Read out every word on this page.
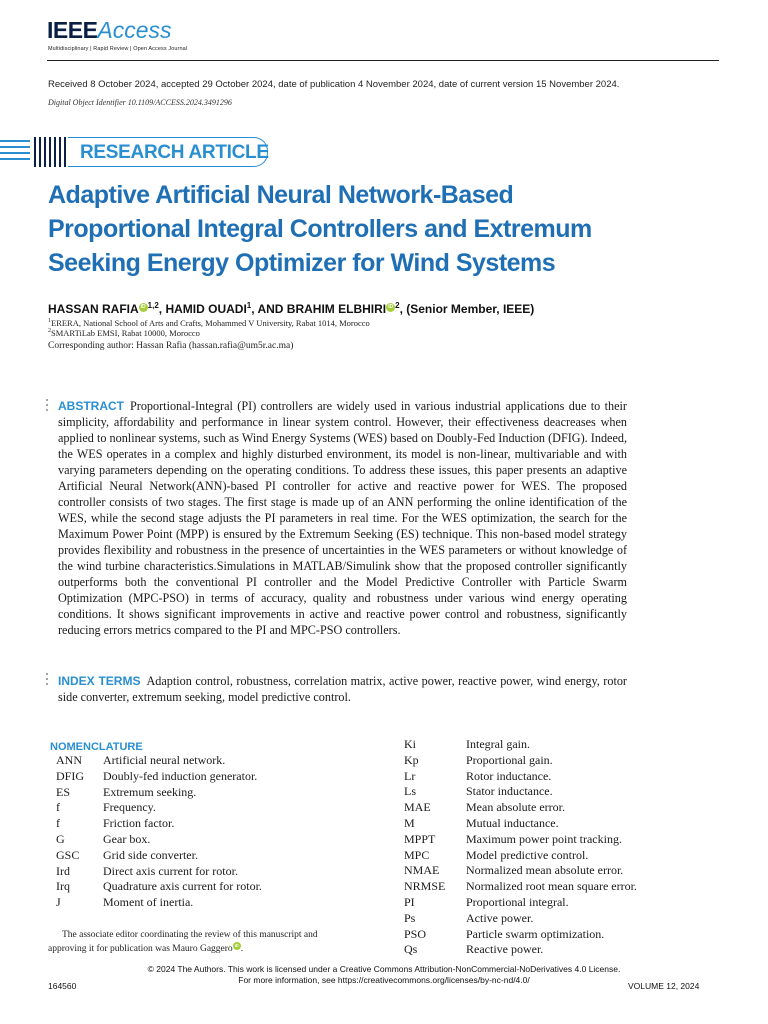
IEEEAccess
Multidisciplinary | Rapid Review | Open Access Journal
Received 8 October 2024, accepted 29 October 2024, date of publication 4 November 2024, date of current version 15 November 2024.
Digital Object Identifier 10.1109/ACCESS.2024.3491296
RESEARCH ARTICLE
Adaptive Artificial Neural Network-Based
Proportional Integral Controllers and Extremum
Seeking Energy Optimizer for Wind Systems
HASSAN RAFIA iD $^{1,2}$, HAMID OUADI$^1$, AND BRAHIM ELBHIRI iD $^2$, (Senior Member, IEEE)
$^1$ERERA, National School of Arts and Crafts, Mohammed V University, Rabat 1014, Morocco
$^2$SMARTiLab EMSI, Rabat 10000, Morocco
Corresponding author: Hassan Rafia (hassan.rafia@um5r.ac.ma)
ABSTRACT Proportional-Integral (PI) controllers are widely used in various industrial applications due to their simplicity, affordability and performance in linear system control. However, their effectiveness deacreases when applied to nonlinear systems, such as Wind Energy Systems (WES) based on Doubly-Fed Induction (DFIG). Indeed, the WES operates in a complex and highly disturbed environment, its model is non-linear, multivariable and with varying parameters depending on the operating conditions. To address these issues, this paper presents an adaptive Artificial Neural Network(ANN)-based PI controller for active and reactive power for WES. The proposed controller consists of two stages. The first stage is made up of an ANN performing the online identification of the WES, while the second stage adjusts the PI parameters in real time. For the WES optimization, the search for the Maximum Power Point (MPP) is ensured by the Extremum Seeking (ES) technique. This non-based model strategy provides flexibility and robustness in the presence of uncertainties in the WES parameters or without knowledge of the wind turbine characteristics.Simulations in MATLAB/Simulink show that the proposed controller significantly outperforms both the conventional PI controller and the Model Predictive Controller with Particle Swarm Optimization (MPC-PSO) in terms of accuracy, quality and robustness under various wind energy operating conditions. It shows significant improvements in active and reactive power control and robustness, significantly reducing errors metrics compared to the PI and MPC-PSO controllers.
INDEX TERMS Adaption control, robustness, correlation matrix, active power, reactive power, wind energy, rotor side converter, extremum seeking, model predictive control.
NOMENCLATURE
ANN	Artificial neural network.
DFIG	Doubly-fed induction generator.
ES	Extremum seeking.
f	Frequency.
f	Friction factor.
G	Gear box.
GSC	Grid side converter.
Ird	Direct axis current for rotor.
Irq	Quadrature axis current for rotor.
J	Moment of inertia.
Ki	Integral gain.
Kp	Proportional gain.
Lr	Rotor inductance.
Ls	Stator inductance.
MAE	Mean absolute error.
M	Mutual inductance.
MPPT	Maximum power point tracking.
MPC	Model predictive control.
NMAE	Normalized mean absolute error.
NRMSE	Normalized root mean square error.
PI	Proportional integral.
Ps	Active power.
PSO	Particle swarm optimization.
Qs	Reactive power.
The associate editor coordinating the review of this manuscript and
approving it for publication was Mauro Gaggero iD .
© 2024 The Authors. This work is licensed under a Creative Commons Attribution-NonCommercial-NoDerivatives 4.0 License.
For more information, see https://creativecommons.org/licenses/by-nc-nd/4.0/
164560	VOLUME 12, 2024
